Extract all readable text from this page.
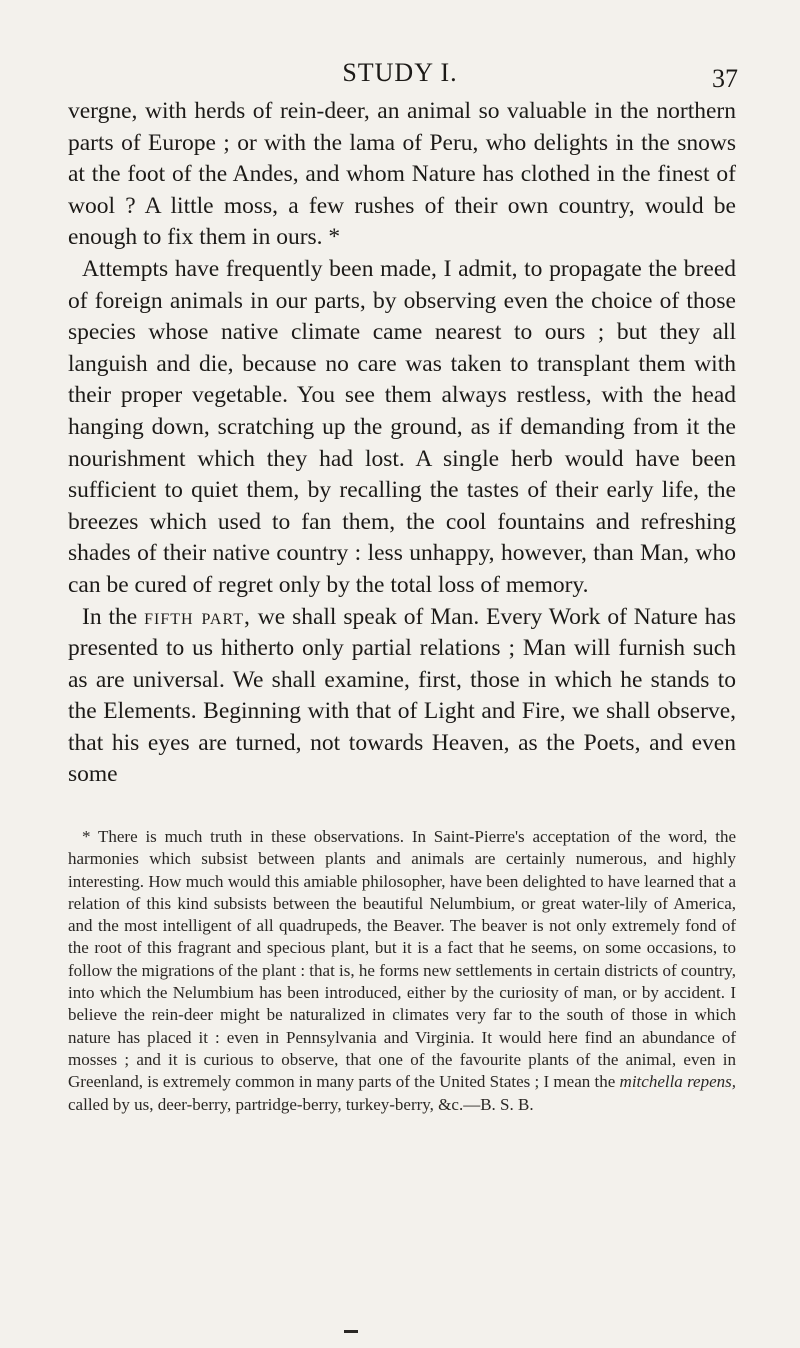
STUDY I.	37

vergne, with herds of rein-deer, an animal so valuable in the northern parts of Europe ; or with the lama of Peru, who delights in the snows at the foot of the Andes, and whom Nature has clothed in the finest of wool ? A little moss, a few rushes of their own country, would be enough to fix them in ours. *

Attempts have frequently been made, I admit, to propagate the breed of foreign animals in our parts, by observing even the choice of those species whose native climate came nearest to ours ; but they all languish and die, because no care was taken to transplant them with their proper vegetable. You see them always restless, with the head hanging down, scratching up the ground, as if demanding from it the nourishment which they had lost. A single herb would have been sufficient to quiet them, by recalling the tastes of their early life, the breezes which used to fan them, the cool fountains and refreshing shades of their native country : less unhappy, however, than Man, who can be cured of regret only by the total loss of memory.

In the fifth part, we shall speak of Man. Every Work of Nature has presented to us hitherto only partial relations ; Man will furnish such as are universal. We shall examine, first, those in which he stands to the Elements. Beginning with that of Light and Fire, we shall observe, that his eyes are turned, not towards Heaven, as the Poets, and even some

* There is much truth in these observations. In Saint-Pierre's acceptation of the word, the harmonies which subsist between plants and animals are certainly numerous, and highly interesting. How much would this amiable philosopher, have been delighted to have learned that a relation of this kind subsists between the beautiful Nelumbium, or great water-lily of America, and the most intelligent of all quadrupeds, the Beaver. The beaver is not only extremely fond of the root of this fragrant and specious plant, but it is a fact that he seems, on some occasions, to follow the migrations of the plant : that is, he forms new settlements in certain districts of country, into which the Nelumbium has been introduced, either by the curiosity of man, or by accident. I believe the rein-deer might be naturalized in climates very far to the south of those in which nature has placed it : even in Pennsylvania and Virginia. It would here find an abundance of mosses ; and it is curious to observe, that one of the favourite plants of the animal, even in Greenland, is extremely common in many parts of the United States ; I mean the mitchella repens, called by us, deer-berry, partridge-berry, turkey-berry, &c.—B. S. B.
